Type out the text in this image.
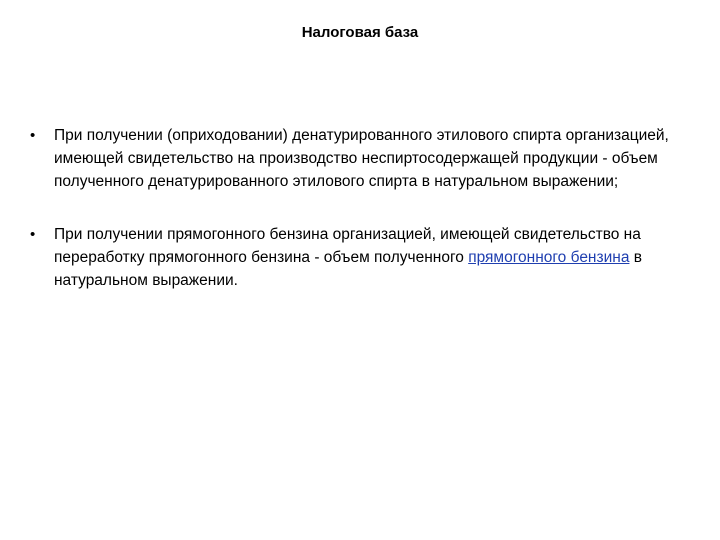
Налоговая база
• При получении (оприходовании) денатурированного этилового спирта организацией, имеющей свидетельство на производство неспиртосодержащей продукции - объем полученного денатурированного этилового спирта в натуральном выражении;
• При получении прямогонного бензина организацией, имеющей свидетельство на переработку прямогонного бензина - объем полученного прямогонного бензина в натуральном выражении.
